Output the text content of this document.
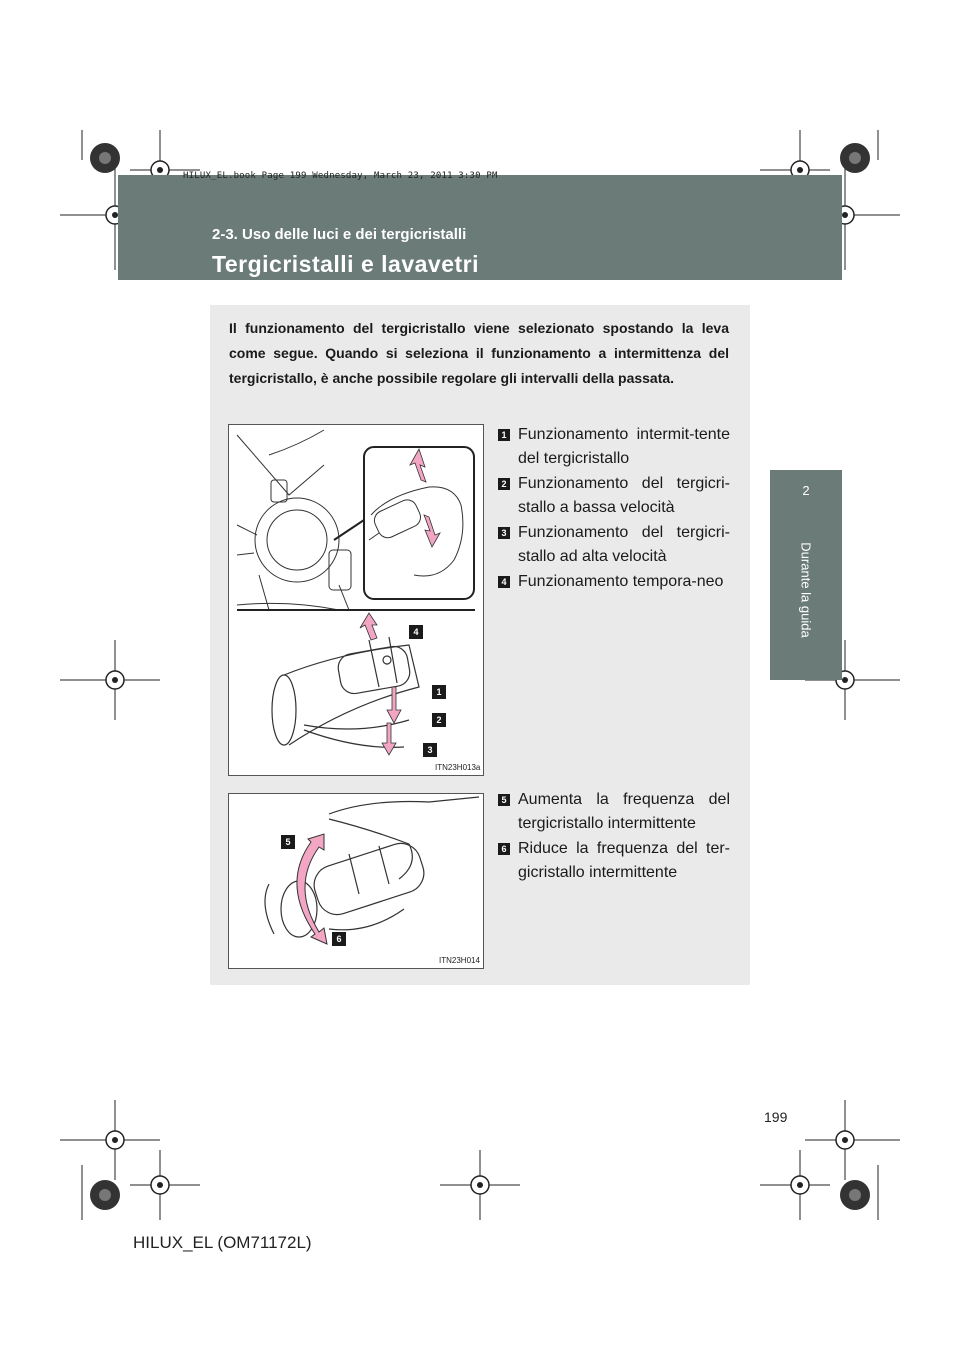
HILUX_EL.book Page 199 Wednesday, March 23, 2011 3:30 PM
2-3. Uso delle luci e dei tergicristalli
Tergicristalli e lavavetri
2
Durante la guida
Il funzionamento del tergicristallo viene selezionato spostando la leva come segue. Quando si seleziona il funzionamento a intermittenza del tergicristallo, è anche possibile regolare gli intervalli della passata.
4
1
2
3
ITN23H013a
5
6
ITN23H014
1 Funzionamento intermit-tente del tergicristallo
2 Funzionamento del tergicri-stallo a bassa velocità
3 Funzionamento del tergicri-stallo ad alta velocità
4 Funzionamento tempora-neo
5 Aumenta la frequenza del tergicristallo intermittente
6 Riduce la frequenza del ter-gicristallo intermittente
199
HILUX_EL (OM71172L)
